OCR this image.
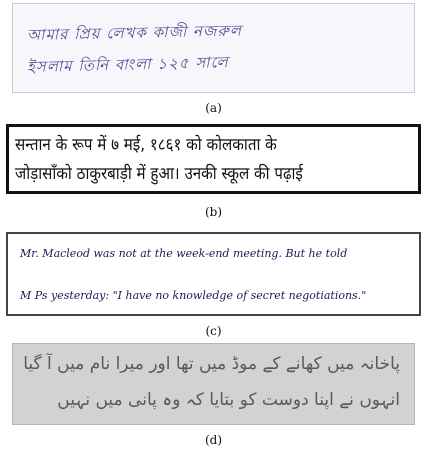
আমার প্রিয় লেখক কাজী নজরুল
ইসলাম তিনি বাংলা ১২৫ সালে
(a)
सन्तान के रूप में ७ मई, १८६१ को कोलकाता के
जोड़ासाँको ठाकुरबाड़ी में हुआ। उनकी स्कूल की पढ़ाई
(b)
Mr. Macleod was not at the week-end meeting. But he told
M Ps yesterday: "I have no knowledge of secret negotiations."
(c)
پاخانہ میں کھانے کے موڈ میں تھا اور میرا نام میں آ گیا
انہوں نے اپنا دوست کو بتایا کہ وہ پانی میں نہیں
(d)
